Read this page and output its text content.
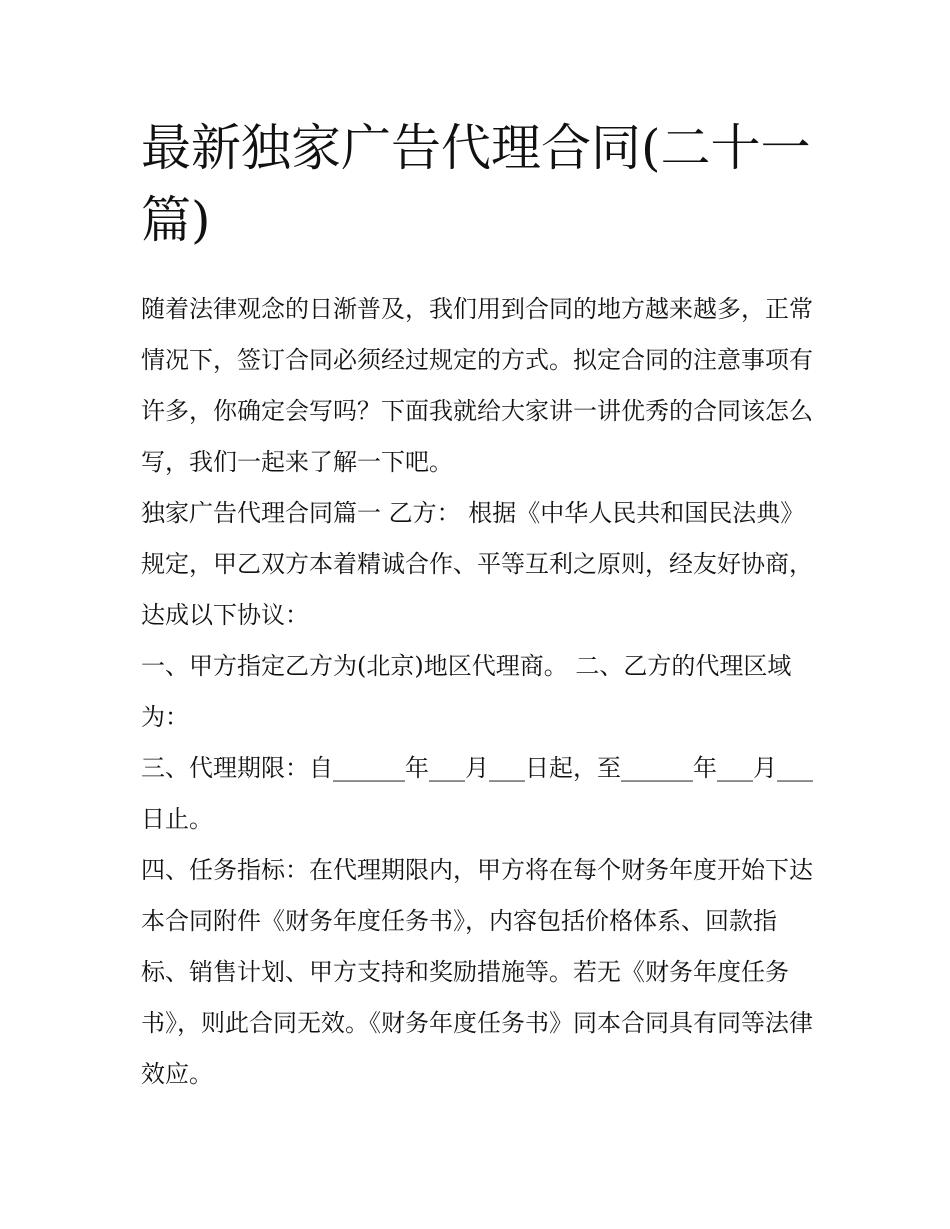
最新独家广告代理合同(二十一篇)

随着法律观念的日渐普及，我们用到合同的地方越来越多，正常情况下，签订合同必须经过规定的方式。拟定合同的注意事项有许多，你确定会写吗？下面我就给大家讲一讲优秀的合同该怎么写，我们一起来了解一下吧。

独家广告代理合同篇一 乙方： 根据《中华人民共和国民法典》规定，甲乙双方本着精诚合作、平等互利之原则，经友好协商，达成以下协议：

一、甲方指定乙方为(北京)地区代理商。 二、乙方的代理区域为：

三、代理期限：自______年___月___日起，至______年___月___日止。

四、任务指标：在代理期限内，甲方将在每个财务年度开始下达本合同附件《财务年度任务书》，内容包括价格体系、回款指标、销售计划、甲方支持和奖励措施等。若无《财务年度任务书》，则此合同无效。《财务年度任务书》同本合同具有同等法律效应。
